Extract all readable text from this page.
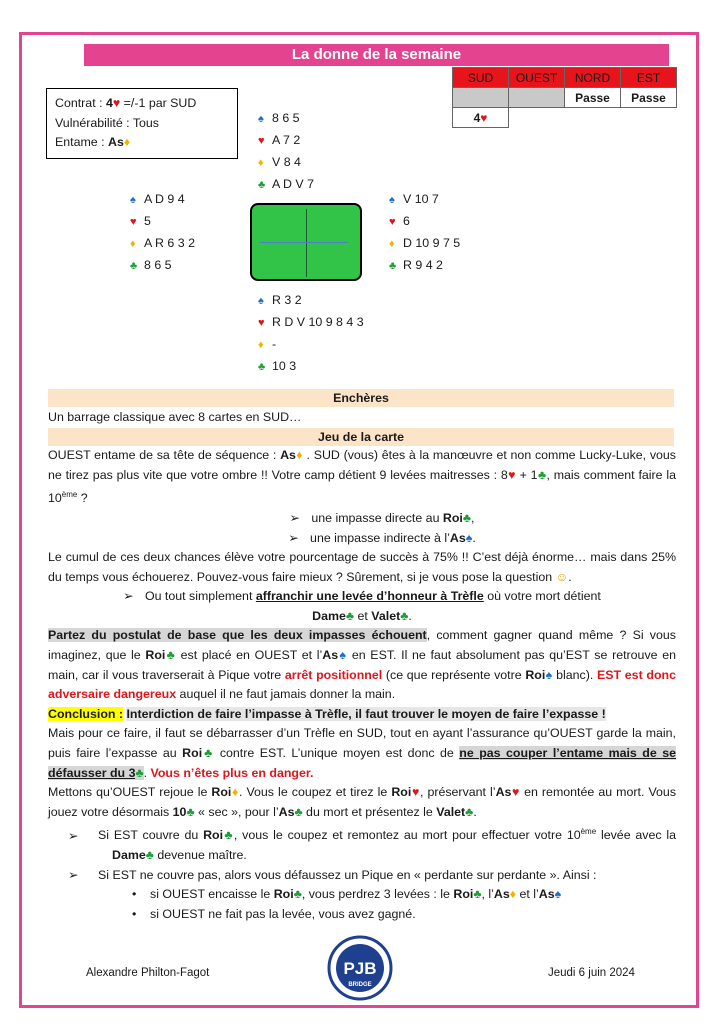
La donne de la semaine
Contrat : 4♥ =/-1 par SUD
Vulnérabilité : Tous
Entame : As♦
SUD	OUEST	NORD	EST
		Passe	Passe
4♥			
♠ 8 6 5
♥ A 7 2
♦ V 8 4
♣ A D V 7
♠ A D 9 4
♥ 5
♦ A R 6 3 2
♣ 8 6 5
♠ V 10 7
♥ 6
♦ D 10 9 7 5
♣ R 9 4 2
♠ R 3 2
♥ R D V 10 9 8 4 3
♦ -
♣ 10 3
Enchères
Un barrage classique avec 8 cartes en SUD…
Jeu de la carte
OUEST entame de sa tête de séquence : As♦ . SUD (vous) êtes à la manœuvre et non comme Lucky-Luke, vous ne tirez pas plus vite que votre ombre !! Votre camp détient 9 levées maitresses : 8♥ + 1♣, mais comment faire la 10ème ?
➢ une impasse directe au Roi♣,
➢ une impasse indirecte à l’As♠.
Le cumul de ces deux chances élève votre pourcentage de succès à 75% !! C’est déjà énorme… mais dans 25% du temps vous échouerez. Pouvez-vous faire mieux ? Sûrement, si je vous pose la question ☺.
➢ Ou tout simplement affranchir une levée d’honneur à Trèfle où votre mort détient
Dame♣ et Valet♣.
Partez du postulat de base que les deux impasses échouent, comment gagner quand même ? Si vous imaginez, que le Roi♣ est placé en OUEST et l’As♠ en EST. Il ne faut absolument pas qu’EST se retrouve en main, car il vous traverserait à Pique votre arrêt positionnel (ce que représente votre Roi♠ blanc). EST est donc adversaire dangereux auquel il ne faut jamais donner la main.
Conclusion : Interdiction de faire l’impasse à Trèfle, il faut trouver le moyen de faire l’expasse !
Mais pour ce faire, il faut se débarrasser d’un Trèfle en SUD, tout en ayant l’assurance qu’OUEST garde la main, puis faire l’expasse au Roi♣ contre EST. L’unique moyen est donc de ne pas couper l’entame mais de se défausser du 3♣. Vous n’êtes plus en danger.
Mettons qu’OUEST rejoue le Roi♦. Vous le coupez et tirez le Roi♥, préservant l’As♥ en remontée au mort. Vous jouez votre désormais 10♣ « sec », pour l’As♣ du mort et présentez le Valet♣.
➢ Si EST couvre du Roi♣, vous le coupez et remontez au mort pour effectuer votre 10ème levée avec la Dame♣ devenue maître.
➢ Si EST ne couvre pas, alors vous défaussez un Pique en « perdante sur perdante ». Ainsi :
• si OUEST encaisse le Roi♣, vous perdrez 3 levées : le Roi♣, l’As♦ et l’As♠
• si OUEST ne fait pas la levée, vous avez gagné.
Alexandre Philton-Fagot	Jeudi 6 juin 2024
PJB
BRIDGE
